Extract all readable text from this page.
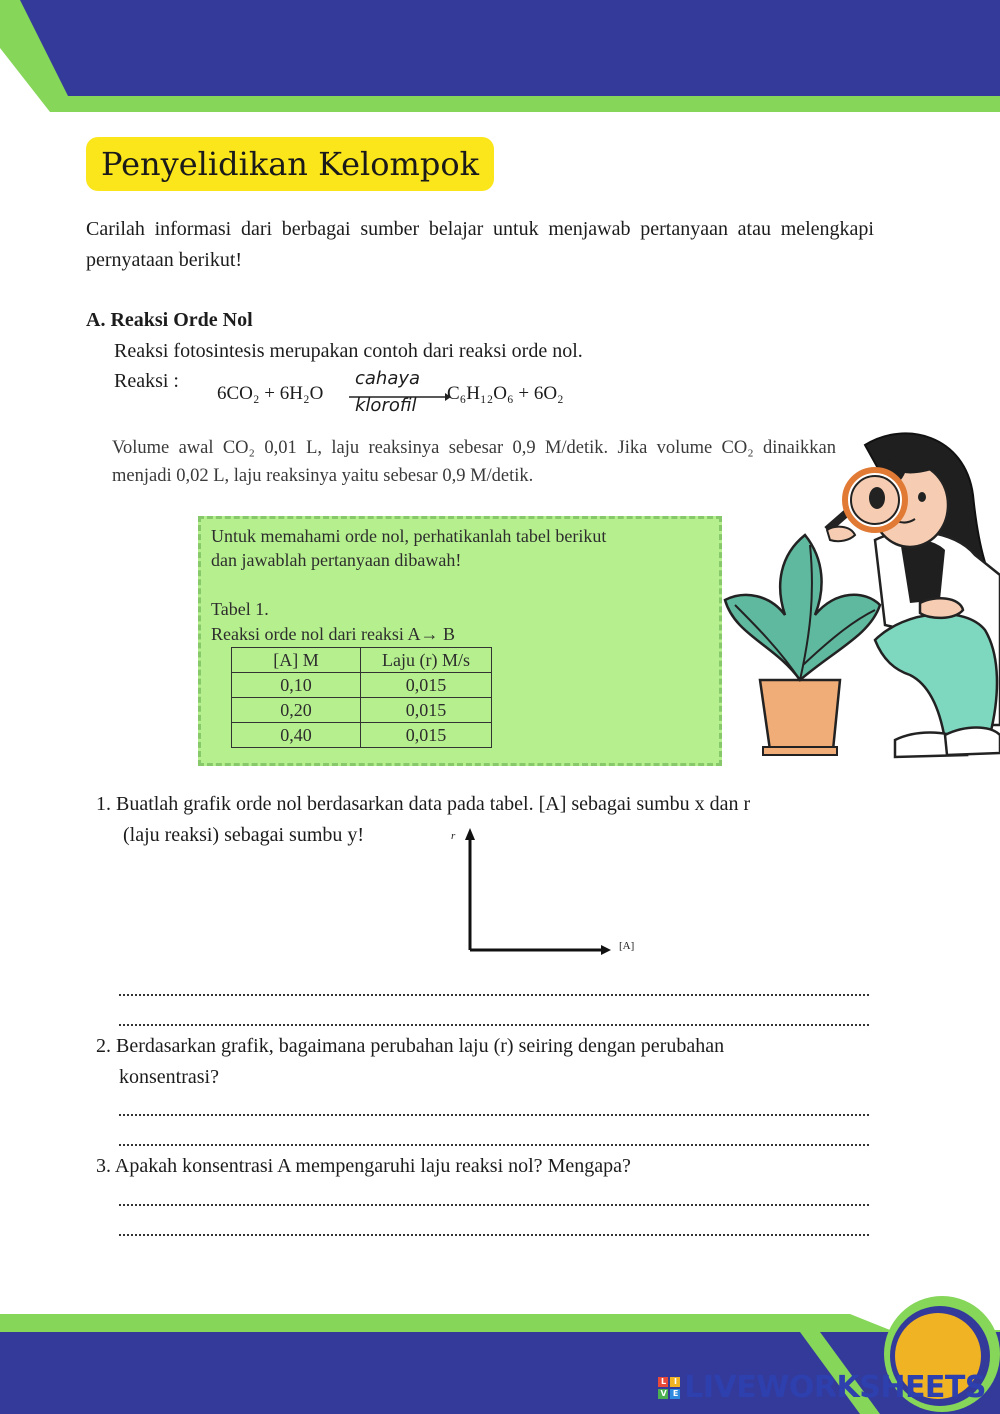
Penyelidikan Kelompok
Carilah informasi dari berbagai sumber belajar untuk menjawab pertanyaan atau melengkapi pernyataan berikut!
A. Reaksi Orde Nol
Reaksi fotosintesis merupakan contoh dari reaksi orde nol.
Reaksi :
6CO₂ + 6H₂O
cahaya
klorofil
C₆H₁₂O₆ + 6O₂
Volume awal CO₂ 0,01 L, laju reaksinya sebesar 0,9 M/detik. Jika volume CO₂ dinaikkan menjadi 0,02 L, laju reaksinya yaitu sebesar 0,9 M/detik.
Untuk memahami orde nol, perhatikanlah tabel berikut
dan jawablah pertanyaan dibawah!
Tabel 1.
Reaksi orde nol dari reaksi A→ B
[A] M	Laju (r) M/s
0,10	0,015
0,20	0,015
0,40	0,015
1. Buatlah grafik orde nol berdasarkan data pada tabel. [A] sebagai sumbu x dan r
(laju reaksi) sebagai sumbu y!	r
[A]
2. Berdasarkan grafik, bagaimana perubahan laju (r) seiring dengan perubahan
konsentrasi?
3. Apakah konsentrasi A mempengaruhi laju reaksi nol? Mengapa?
L	I
V E LIVEWORKSHEETS
